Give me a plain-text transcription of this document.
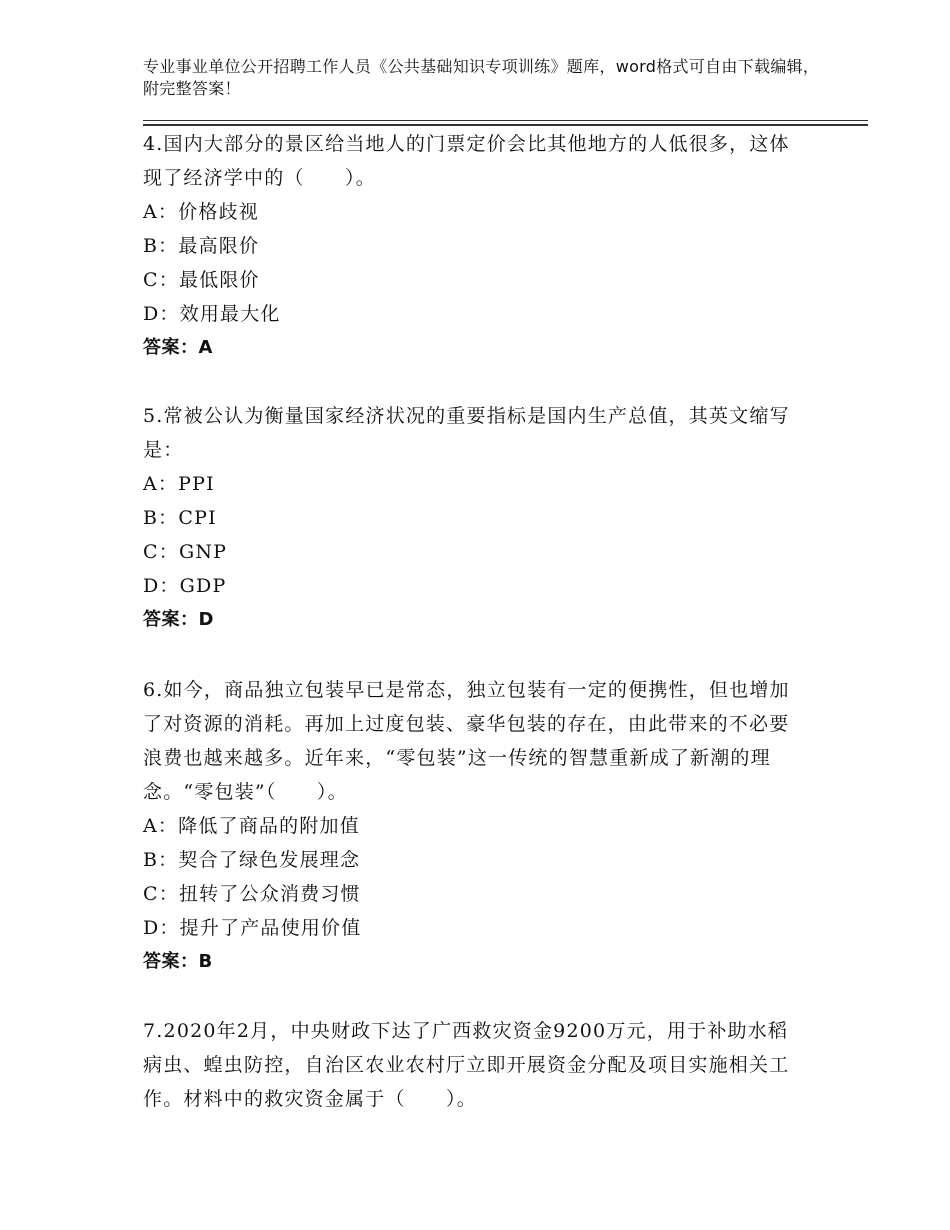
专业事业单位公开招聘工作人员《公共基础知识专项训练》题库，word格式可自由下载编辑，附完整答案！

4.国内大部分的景区给当地人的门票定价会比其他地方的人低很多，这体现了经济学中的（　　）。

A：价格歧视

B：最高限价

C：最低限价

D：效用最大化

答案：A

5.常被公认为衡量国家经济状况的重要指标是国内生产总值，其英文缩写是：

A：PPI

B：CPI

C：GNP

D：GDP

答案：D

6.如今，商品独立包装早已是常态，独立包装有一定的便携性，但也增加了对资源的消耗。再加上过度包装、豪华包装的存在，由此带来的不必要浪费也越来越多。近年来，“零包装”这一传统的智慧重新成了新潮的理念。“零包装”（　　）。

A：降低了商品的附加值

B：契合了绿色发展理念

C：扭转了公众消费习惯

D：提升了产品使用价值

答案：B

7.2020年2月，中央财政下达了广西救灾资金9200万元，用于补助水稻病虫、蝗虫防控，自治区农业农村厅立即开展资金分配及项目实施相关工作。材料中的救灾资金属于（　　）。
